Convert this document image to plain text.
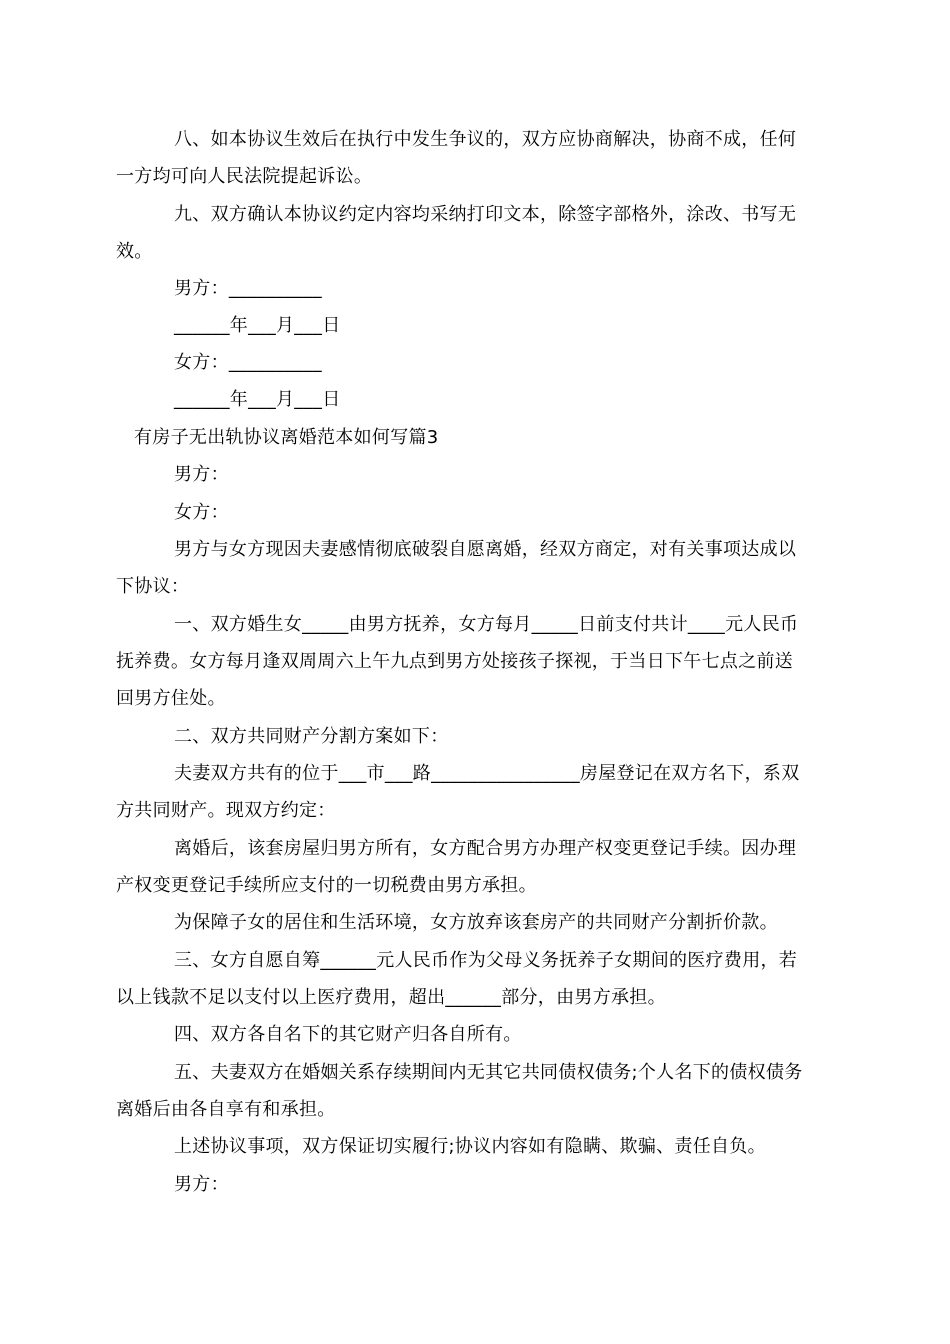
八、如本协议生效后在执行中发生争议的，双方应协商解决，协商不成，任何
一方均可向人民法院提起诉讼。
九、双方确认本协议约定内容均采纳打印文本，除签字部格外，涂改、书写无
效。
男方：__________
______年___月___日
女方：__________
______年___月___日
有房子无出轨协议离婚范本如何写篇3
男方：
女方：
男方与女方现因夫妻感情彻底破裂自愿离婚，经双方商定，对有关事项达成以
下协议：
一、双方婚生女_____由男方抚养，女方每月_____日前支付共计____元人民币
抚养费。女方每月逢双周周六上午九点到男方处接孩子探视，于当日下午七点之前送
回男方住处。
二、双方共同财产分割方案如下：
夫妻双方共有的位于___市___路________________房屋登记在双方名下，系双
方共同财产。现双方约定：
离婚后，该套房屋归男方所有，女方配合男方办理产权变更登记手续。因办理
产权变更登记手续所应支付的一切税费由男方承担。
为保障子女的居住和生活环境，女方放弃该套房产的共同财产分割折价款。
三、女方自愿自筹______元人民币作为父母义务抚养子女期间的医疗费用，若
以上钱款不足以支付以上医疗费用，超出______部分，由男方承担。
四、双方各自名下的其它财产归各自所有。
五、夫妻双方在婚姻关系存续期间内无其它共同债权债务;个人名下的债权债务
离婚后由各自享有和承担。
上述协议事项，双方保证切实履行;协议内容如有隐瞒、欺骗、责任自负。
男方：
